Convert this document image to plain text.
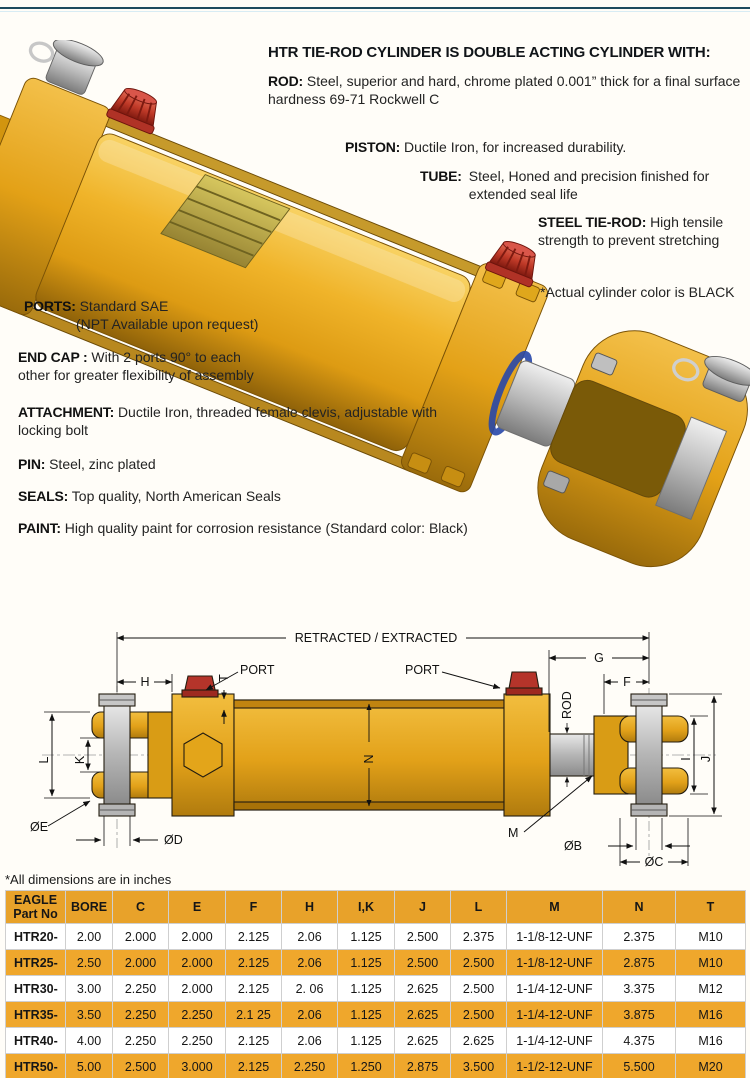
HTR TIE-ROD CYLINDER IS DOUBLE ACTING CYLINDER WITH:
ROD: Steel, superior and hard, chrome plated 0.001” thick for a final surface hardness 69-71 Rockwell C
PISTON: Ductile Iron, for increased durability.
TUBE: Steel, Honed and precision finished for extended seal life
STEEL TIE-ROD: High tensile strength to prevent stretching
*Actual cylinder color is BLACK
PORTS: Standard SAE
(NPT Available upon request)
END CAP : With 2 ports 90° to each other for greater flexibility of assembly
ATTACHMENT: Ductile Iron, threaded female clevis, adjustable with locking bolt
PIN: Steel, zinc plated
SEALS: Top quality, North American Seals
PAINT: High quality paint for corrosion resistance (Standard color: Black)
RETRACTED / EXTRACTED
G
H	F
PORT	PORT
T
ROD
L K	N	I J
ØE
ØD	M
ØB
ØC
*All dimensions are in inches
EAGLE Part No	BORE	C	E	F	H	I,K	J	L	M	N	T
HTR20-	2.00	2.000	2.000	2.125	2.06	1.125	2.500	2.375	1-1/8-12-UNF	2.375	M10
HTR25-	2.50	2.000	2.000	2.125	2.06	1.125	2.500	2.500	1-1/8-12-UNF	2.875	M10
HTR30-	3.00	2.250	2.000	2.125	2. 06	1.125	2.625	2.500	1-1/4-12-UNF	3.375	M12
HTR35-	3.50	2.250	2.250	2.1 25	2.06	1.125	2.625	2.500	1-1/4-12-UNF	3.875	M16
HTR40-	4.00	2.250	2.250	2.125	2.06	1.125	2.625	2.625	1-1/4-12-UNF	4.375	M16
HTR50-	5.00	2.500	3.000	2.125	2.250	1.250	2.875	3.500	1-1/2-12-UNF	5.500	M20
